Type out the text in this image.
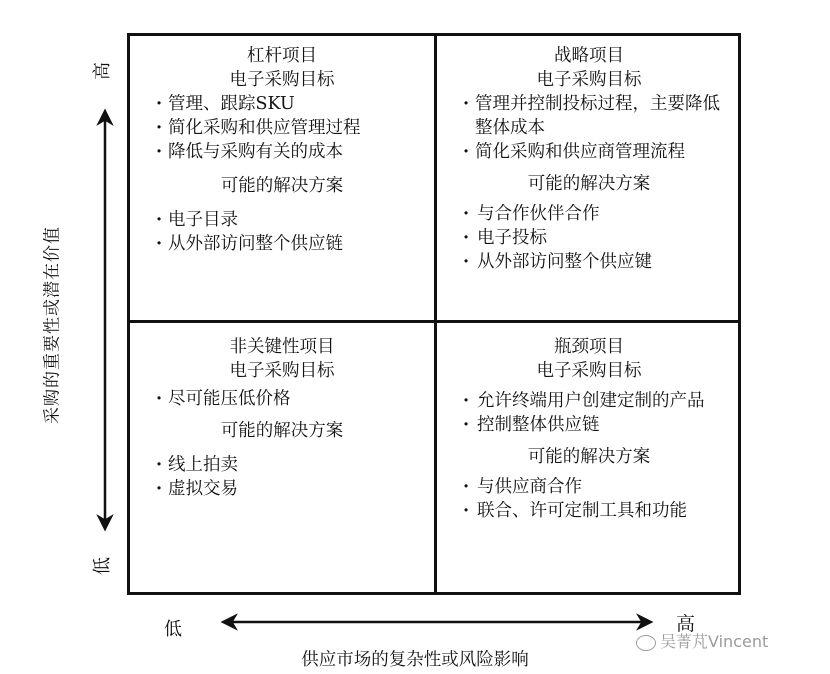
杠杆项目
电子采购目标
· 管理、跟踪SKU
· 简化采购和供应管理过程
· 降低与采购有关的成本
可能的解决方案
· 电子目录
· 从外部访问整个供应链
战略项目
电子采购目标
· 管理并控制投标过程，主要降低整体成本
· 简化采购和供应商管理流程
可能的解决方案
· 与合作伙伴合作
· 电子投标
· 从外部访问整个供应键
非关键性项目
电子采购目标
· 尽可能压低价格
可能的解决方案
· 线上拍卖
· 虚拟交易
瓶颈项目
电子采购目标
· 允许终端用户创建定制的产品
· 控制整体供应链
可能的解决方案
· 与供应商合作
· 联合、许可定制工具和功能
采购的重要性或潜在价值
高
低
低	高
供应市场的复杂性或风险影响
吴菁芃Vincent
